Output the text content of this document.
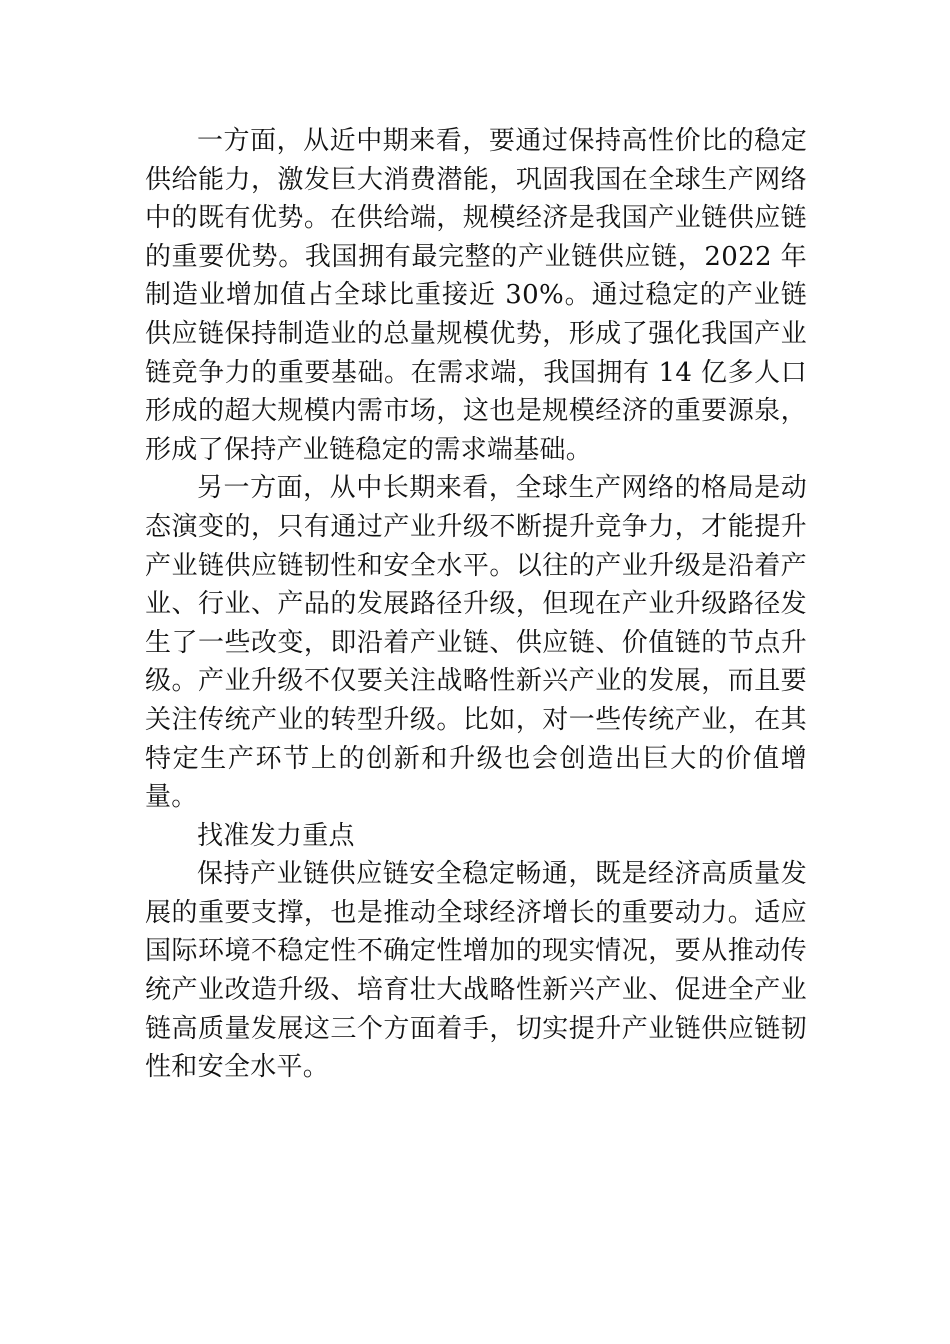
一方面，从近中期来看，要通过保持高性价比的稳定供给能力，激发巨大消费潜能，巩固我国在全球生产网络中的既有优势。在供给端，规模经济是我国产业链供应链的重要优势。我国拥有最完整的产业链供应链，2022 年制造业增加值占全球比重接近 30%。通过稳定的产业链供应链保持制造业的总量规模优势，形成了强化我国产业链竞争力的重要基础。在需求端，我国拥有 14 亿多人口形成的超大规模内需市场，这也是规模经济的重要源泉，形成了保持产业链稳定的需求端基础。

另一方面，从中长期来看，全球生产网络的格局是动态演变的，只有通过产业升级不断提升竞争力，才能提升产业链供应链韧性和安全水平。以往的产业升级是沿着产业、行业、产品的发展路径升级，但现在产业升级路径发生了一些改变，即沿着产业链、供应链、价值链的节点升级。产业升级不仅要关注战略性新兴产业的发展，而且要关注传统产业的转型升级。比如，对一些传统产业，在其特定生产环节上的创新和升级也会创造出巨大的价值增量。

找准发力重点

保持产业链供应链安全稳定畅通，既是经济高质量发展的重要支撑，也是推动全球经济增长的重要动力。适应国际环境不稳定性不确定性增加的现实情况，要从推动传统产业改造升级、培育壮大战略性新兴产业、促进全产业链高质量发展这三个方面着手，切实提升产业链供应链韧性和安全水平。
